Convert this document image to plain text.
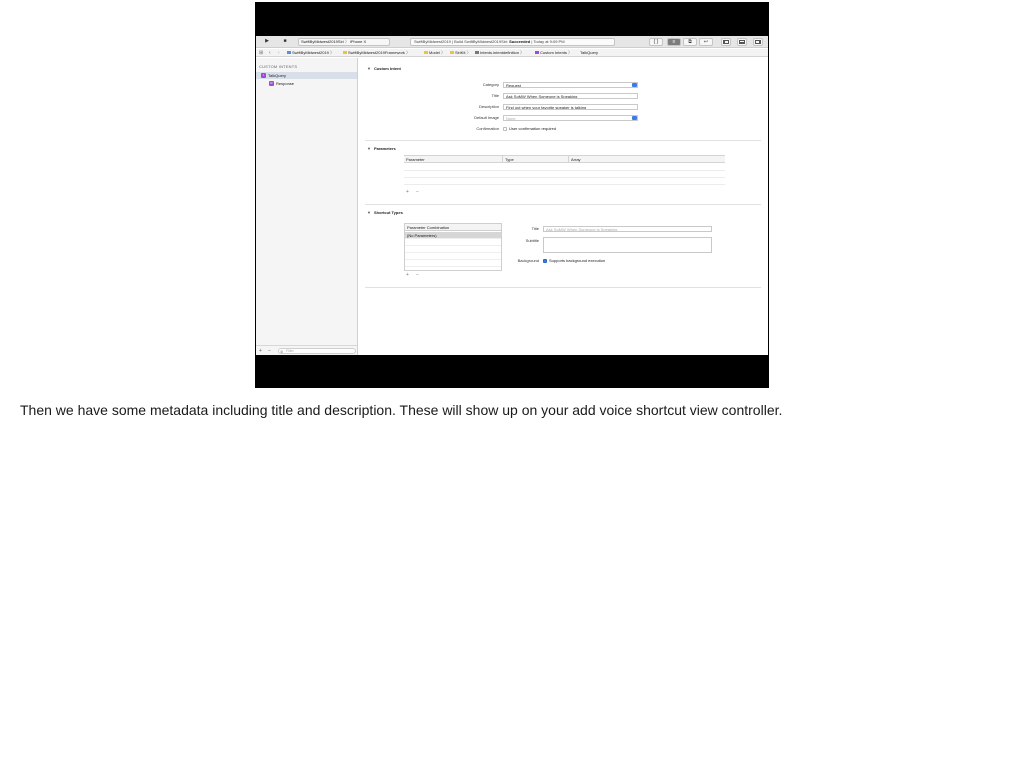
▶	■	SwiftByMidwest2019Siri 〉 iPhone X	SwiftByMidwest2019 | Build SwiftByMidwest2019Siri: Succeeded | Today at 9:09 PM	{ }	≡	⧉	↩
⊞ ‹ ›	SwiftByMidwest2019 〉	SwiftByMidwest2019Framework 〉	Model 〉	SiriKit 〉	Intents.intentdefinition 〉	Custom Intents 〉 TalkQuery
CUSTOM INTENTS
I TalkQuery
R Response
+ − ⊜ Filter
▼ Custom Intent
Category	Request
Title	Ask SoMW When Someone is Speaking
Description	Find out when your favorite speaker is talking
Default Image	None
Confirmation	User confirmation required
▼ Parameters
Parameter	Type	Array
+ −
▼ Shortcut Types
Parameter Combination
(No Parameters)
+ −
Title	Ask SoMW When Someone is Speaking
Subtitle
Background	Supports background execution
Then we have some metadata including title and description. These will show up on your add voice shortcut view controller.
